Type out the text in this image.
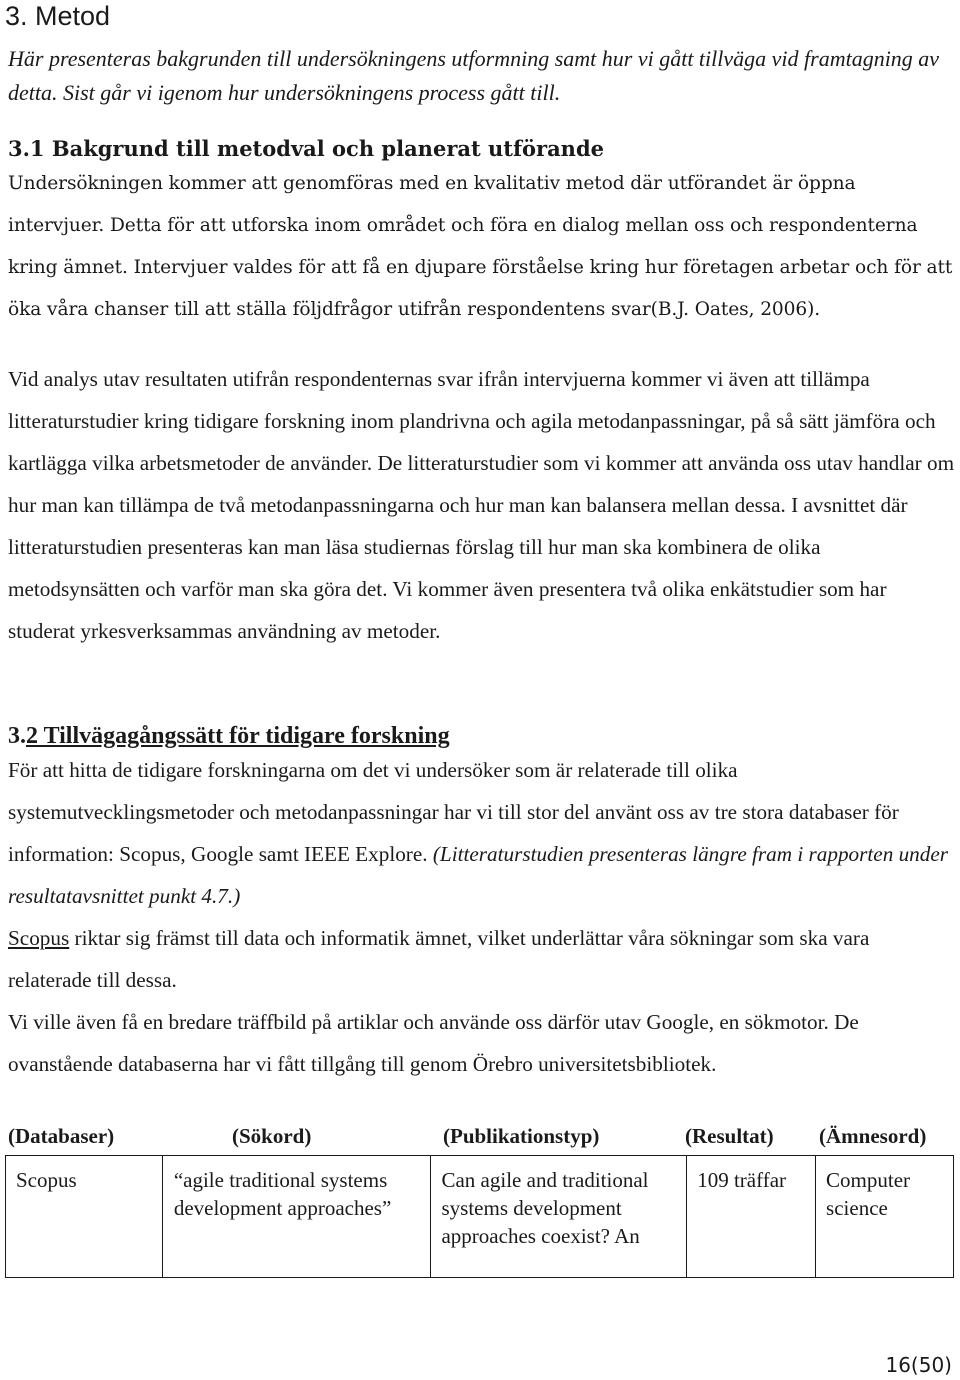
3. Metod

Här presenteras bakgrunden till undersökningens utformning samt hur vi gått tillväga vid framtagning av detta. Sist går vi igenom hur undersökningens process gått till.

3.1 Bakgrund till metodval och planerat utförande

Undersökningen kommer att genomföras med en kvalitativ metod där utförandet är öppna intervjuer. Detta för att utforska inom området och föra en dialog mellan oss och respondenterna kring ämnet. Intervjuer valdes för att få en djupare förståelse kring hur företagen arbetar och för att öka våra chanser till att ställa följdfrågor utifrån respondentens svar(B.J. Oates, 2006).

Vid analys utav resultaten utifrån respondenternas svar ifrån intervjuerna kommer vi även att tillämpa litteraturstudier kring tidigare forskning inom plandrivna och agila metodanpassningar, på så sätt jämföra och kartlägga vilka arbetsmetoder de använder. De litteraturstudier som vi kommer att använda oss utav handlar om hur man kan tillämpa de två metodanpassningarna och hur man kan balansera mellan dessa. I avsnittet där litteraturstudien presenteras kan man läsa studiernas förslag till hur man ska kombinera de olika metodsynsätten och varför man ska göra det. Vi kommer även presentera två olika enkätstudier som har studerat yrkesverksammas användning av metoder.

3.2 Tillvägagångssätt för tidigare forskning

För att hitta de tidigare forskningarna om det vi undersöker som är relaterade till olika systemutvecklingsmetoder och metodanpassningar har vi till stor del använt oss av tre stora databaser för information: Scopus, Google samt IEEE Explore. (Litteraturstudien presenteras längre fram i rapporten under resultatavsnittet punkt 4.7.)

Scopus riktar sig främst till data och informatik ämnet, vilket underlättar våra sökningar som ska vara relaterade till dessa.

Vi ville även få en bredare träffbild på artiklar och använde oss därför utav Google, en sökmotor. De ovanstående databaserna har vi fått tillgång till genom Örebro universitetsbibliotek.

(Databaser)	(Sökord)	(Publikationstyp)	(Resultat) (Ämnesord)
Scopus	“agile traditional systems development approaches”	Can agile and traditional systems development approaches coexist? An	109 träffar	Computer science
16(50)
